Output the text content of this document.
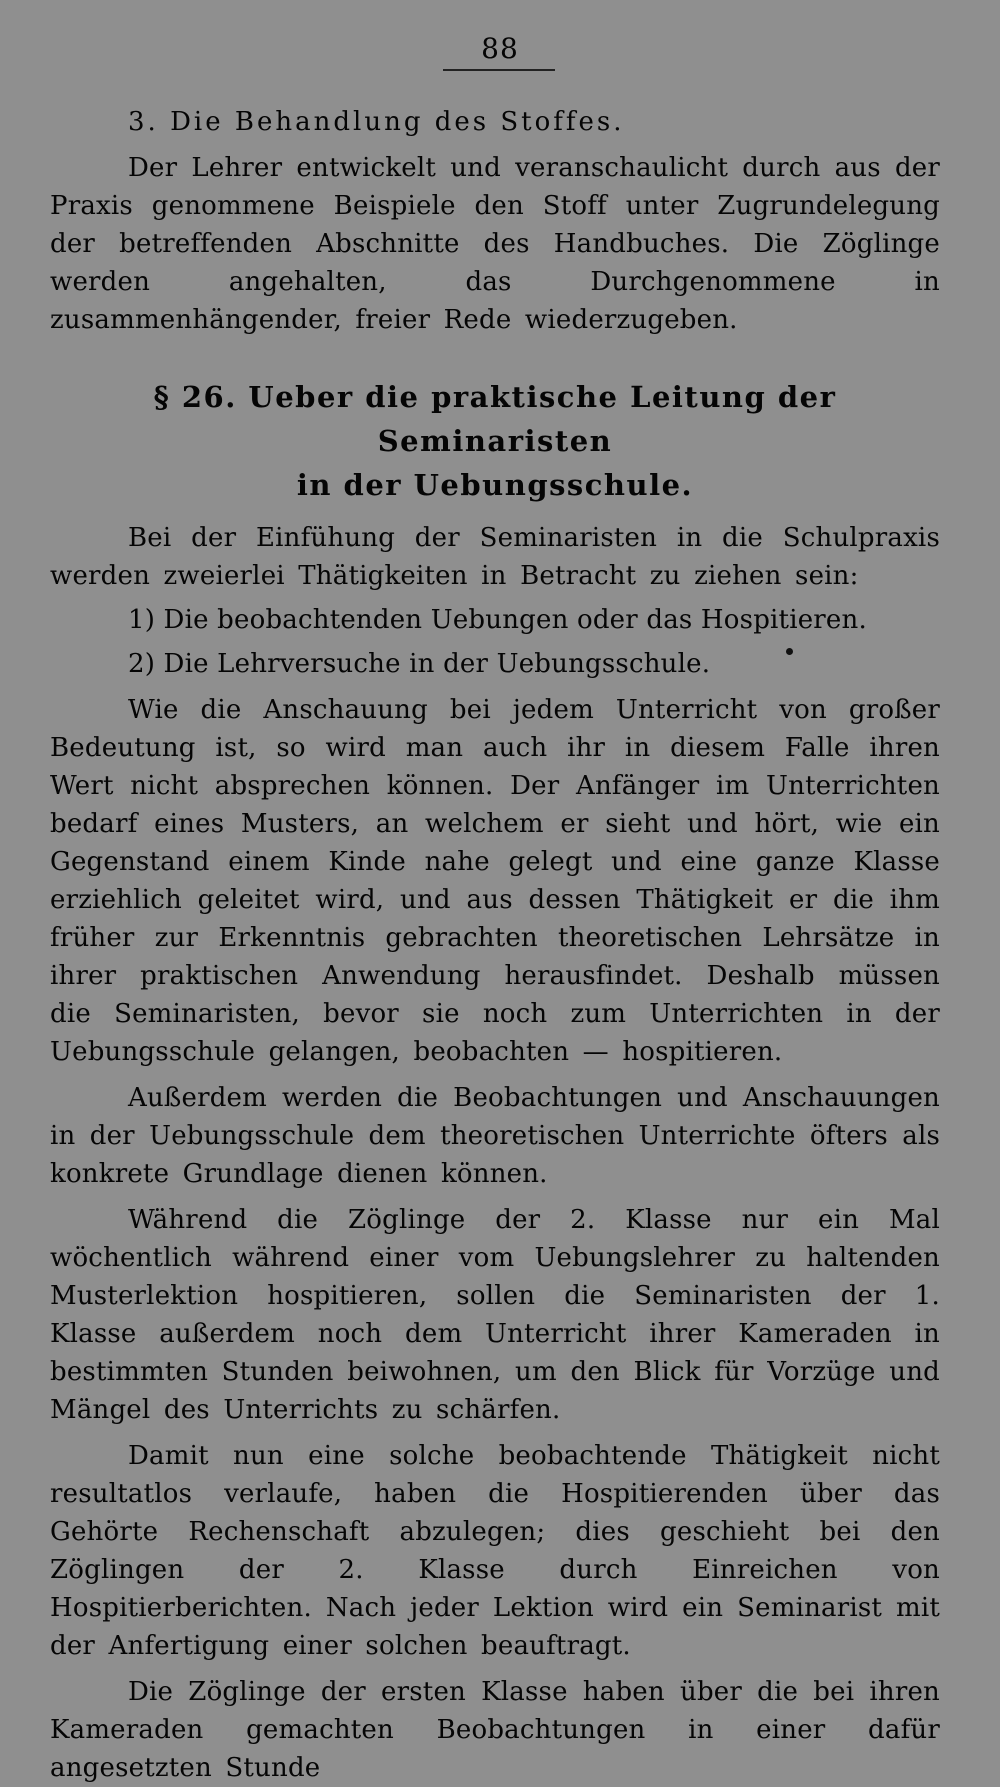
88

3. Die Behandlung des Stoffes.

Der Lehrer entwickelt und veranschaulicht durch aus der Praxis genommene Beispiele den Stoff unter Zugrundelegung der betreffenden Abschnitte des Handbuches. Die Zöglinge werden angehalten, das Durchgenommene in zusammenhängender, freier Rede wiederzugeben.

§ 26. Ueber die praktische Leitung der Seminaristen
in der Uebungsschule.

Bei der Einfühung der Seminaristen in die Schulpraxis werden zweierlei Thätigkeiten in Betracht zu ziehen sein:

1) Die beobachtenden Uebungen oder das Hospitieren.

2) Die Lehrversuche in der Uebungsschule.

Wie die Anschauung bei jedem Unterricht von großer Bedeutung ist, so wird man auch ihr in diesem Falle ihren Wert nicht absprechen können. Der Anfänger im Unterrichten bedarf eines Musters, an welchem er sieht und hört, wie ein Gegenstand einem Kinde nahe gelegt und eine ganze Klasse erziehlich geleitet wird, und aus dessen Thätigkeit er die ihm früher zur Erkenntnis gebrachten theoretischen Lehrsätze in ihrer praktischen Anwendung herausfindet. Deshalb müssen die Seminaristen, bevor sie noch zum Unterrichten in der Uebungsschule gelangen, beobachten — hospitieren.

Außerdem werden die Beobachtungen und Anschauungen in der Uebungsschule dem theoretischen Unterrichte öfters als konkrete Grundlage dienen können.

Während die Zöglinge der 2. Klasse nur ein Mal wöchentlich während einer vom Uebungslehrer zu haltenden Musterlektion hospitieren, sollen die Seminaristen der 1. Klasse außerdem noch dem Unterricht ihrer Kameraden in bestimmten Stunden beiwohnen, um den Blick für Vorzüge und Mängel des Unterrichts zu schärfen.

Damit nun eine solche beobachtende Thätigkeit nicht resultatlos verlaufe, haben die Hospitierenden über das Gehörte Rechenschaft abzulegen; dies geschieht bei den Zöglingen der 2. Klasse durch Einreichen von Hospitierberichten. Nach jeder Lektion wird ein Seminarist mit der Anfertigung einer solchen beauftragt.

Die Zöglinge der ersten Klasse haben über die bei ihren Kameraden gemachten Beobachtungen in einer dafür angesetzten Stunde
